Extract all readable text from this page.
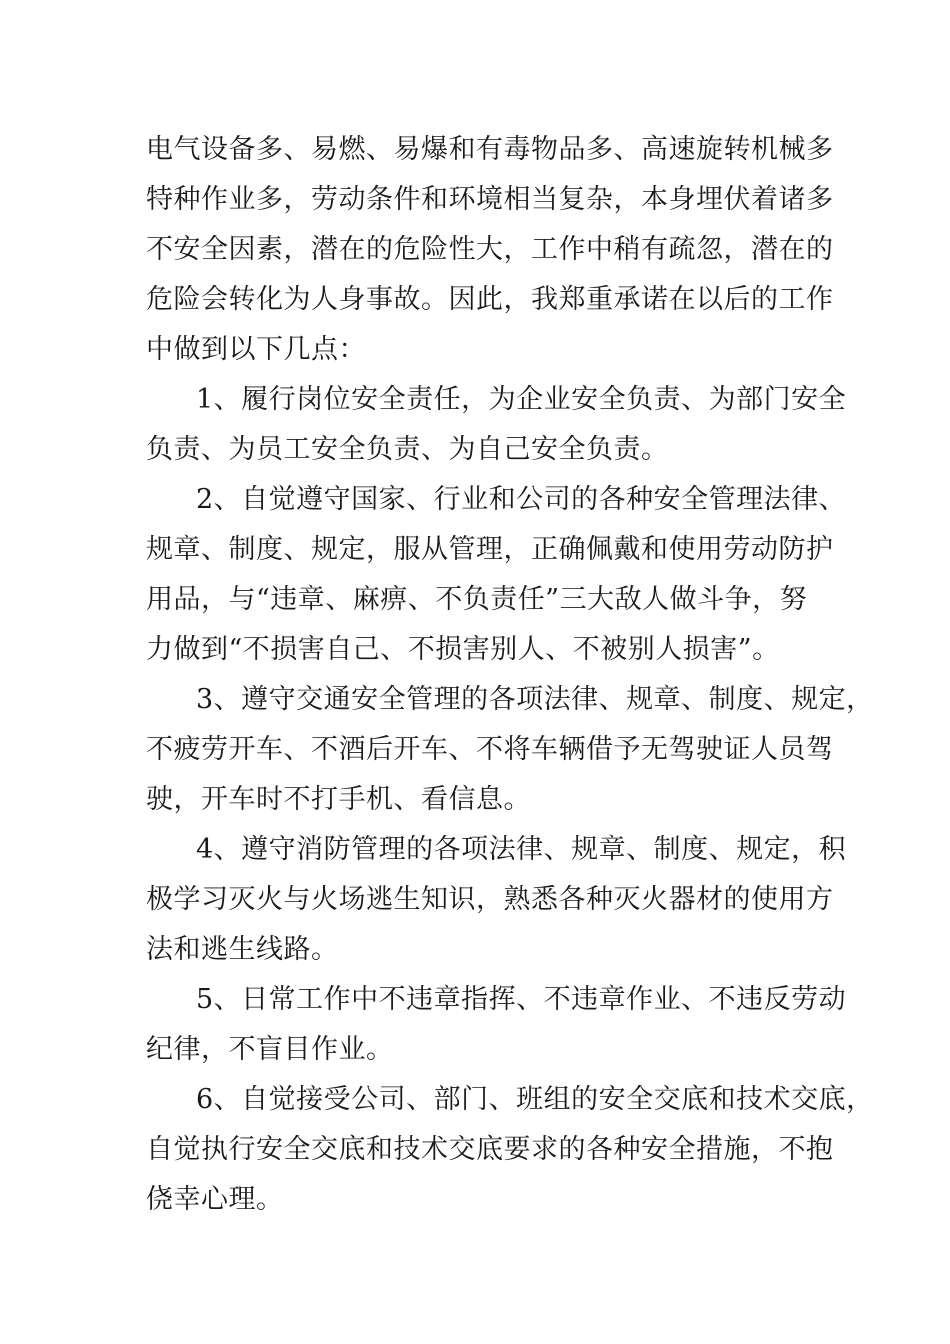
电气设备多、易燃、易爆和有毒物品多、高速旋转机械多
特种作业多，劳动条件和环境相当复杂，本身埋伏着诸多
不安全因素，潜在的危险性大，工作中稍有疏忽，潜在的
危险会转化为人身事故。因此，我郑重承诺在以后的工作
中做到以下几点：
1、履行岗位安全责任，为企业安全负责、为部门安全
负责、为员工安全负责、为自己安全负责。
2、自觉遵守国家、行业和公司的各种安全管理法律、
规章、制度、规定，服从管理，正确佩戴和使用劳动防护
用品，与“违章、麻痹、不负责任”三大敌人做斗争，努
力做到“不损害自己、不损害别人、不被别人损害”。
3、遵守交通安全管理的各项法律、规章、制度、规定，
不疲劳开车、不酒后开车、不将车辆借予无驾驶证人员驾
驶，开车时不打手机、看信息。
4、遵守消防管理的各项法律、规章、制度、规定，积
极学习灭火与火场逃生知识，熟悉各种灭火器材的使用方
法和逃生线路。
5、日常工作中不违章指挥、不违章作业、不违反劳动
纪律，不盲目作业。
6、自觉接受公司、部门、班组的安全交底和技术交底，
自觉执行安全交底和技术交底要求的各种安全措施，不抱
侥幸心理。
